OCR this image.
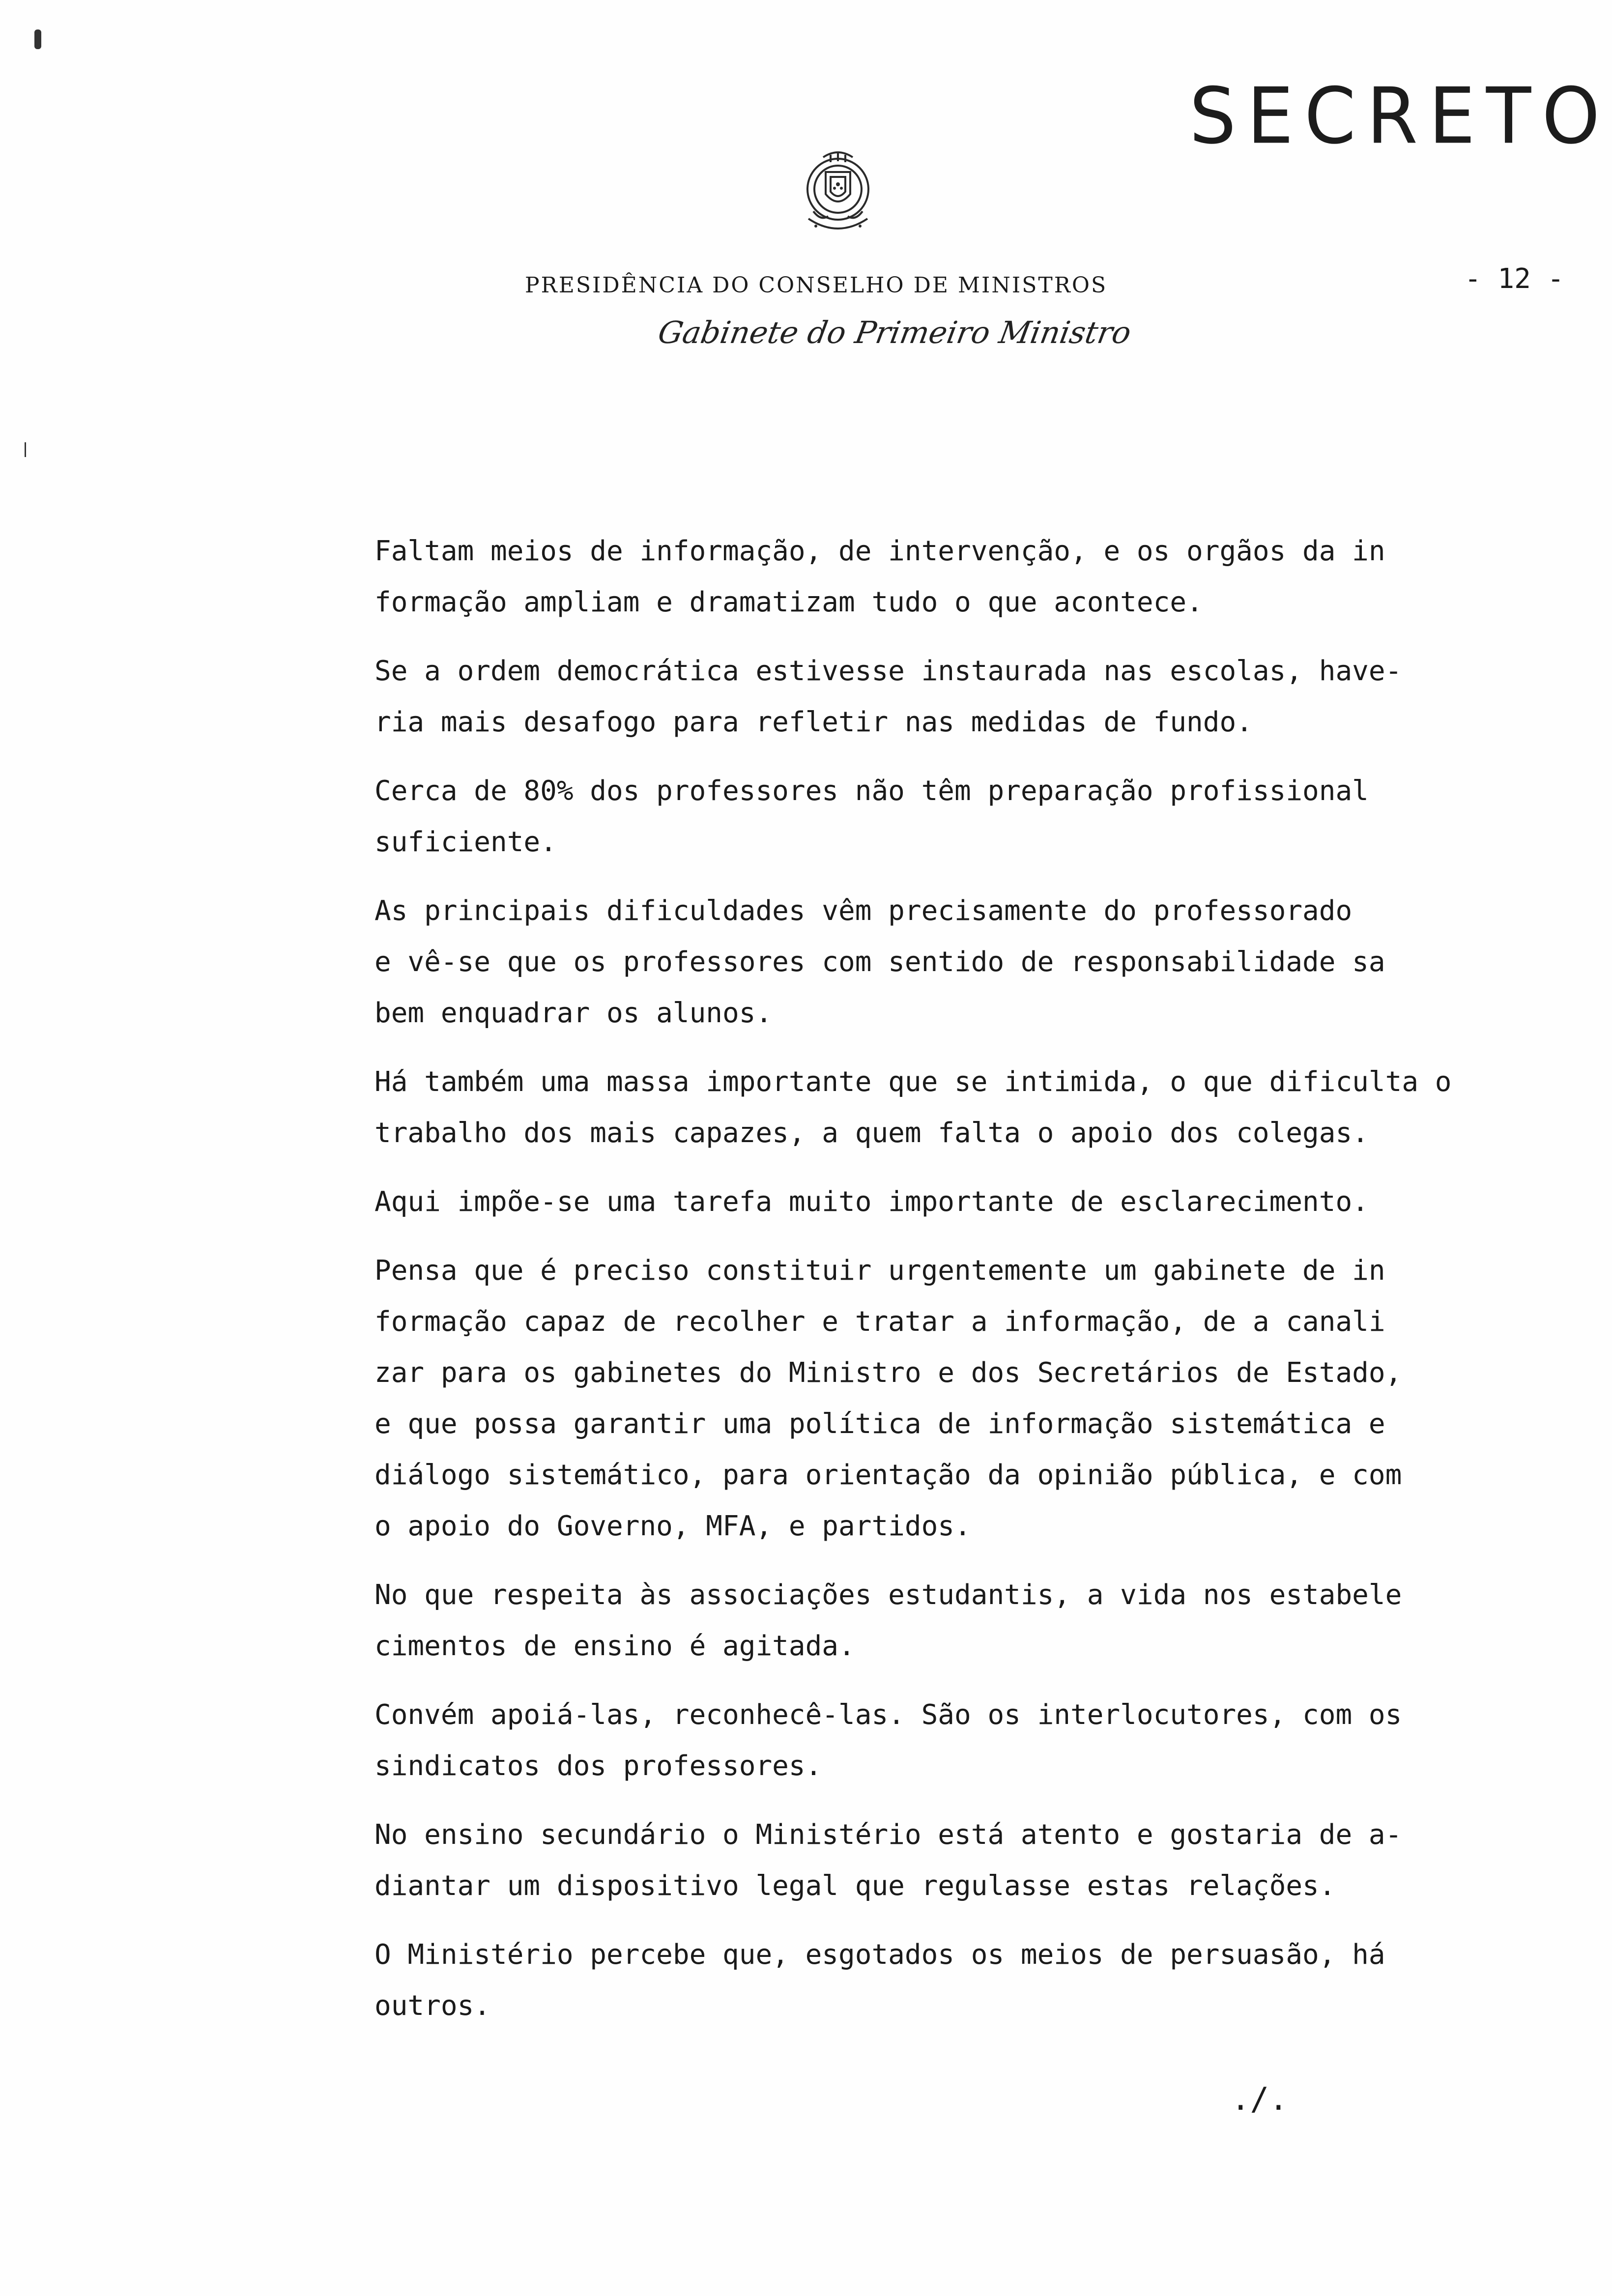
SECRETO
PRESIDÊNCIA DO CONSELHO DE MINISTROS
Gabinete do Primeiro Ministro
- 12 -
Faltam meios de informação, de intervenção, e os orgãos da in
formação ampliam e dramatizam tudo o que acontece.
Se a ordem democrática estivesse instaurada nas escolas, have-
ria mais desafogo para refletir nas medidas de fundo.
Cerca de 80% dos professores não têm preparação profissional
suficiente.
As principais dificuldades vêm precisamente do professorado
e vê-se que os professores com sentido de responsabilidade sa
bem enquadrar os alunos.
Há também uma massa importante que se intimida, o que dificulta o
trabalho dos mais capazes, a quem falta o apoio dos colegas.
Aqui impõe-se uma tarefa muito importante de esclarecimento.
Pensa que é preciso constituir urgentemente um gabinete de in
formação capaz de recolher e tratar a informação, de a canali
zar para os gabinetes do Ministro e dos Secretários de Estado,
e que possa garantir uma política de informação sistemática e
diálogo sistemático, para orientação da opinião pública, e com
o apoio do Governo, MFA, e partidos.
No que respeita às associações estudantis, a vida nos estabele
cimentos de ensino é agitada.
Convém apoiá-las, reconhecê-las. São os interlocutores, com os
sindicatos dos professores.
No ensino secundário o Ministério está atento e gostaria de a-
diantar um dispositivo legal que regulasse estas relações.
O Ministério percebe que, esgotados os meios de persuasão, há
outros.
./.
